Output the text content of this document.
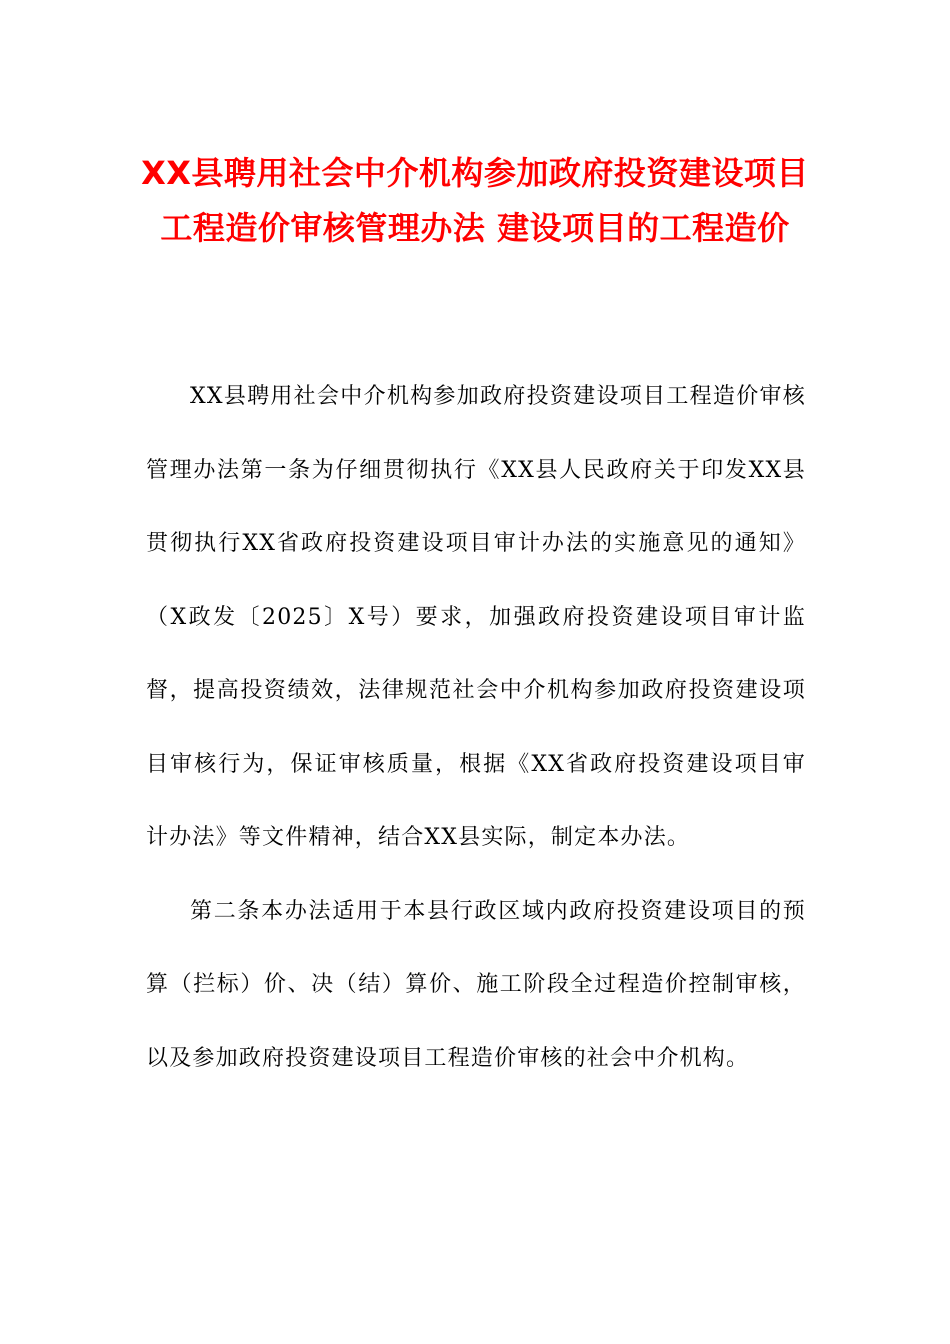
XX县聘用社会中介机构参加政府投资建设项目工程造价审核管理办法 建设项目的工程造价

XX县聘用社会中介机构参加政府投资建设项目工程造价审核管理办法第一条为仔细贯彻执行《XX县人民政府关于印发XX县贯彻执行XX省政府投资建设项目审计办法的实施意见的通知》（X政发〔2025〕X号）要求，加强政府投资建设项目审计监督，提高投资绩效，法律规范社会中介机构参加政府投资建设项目审核行为，保证审核质量，根据《XX省政府投资建设项目审计办法》等文件精神，结合XX县实际，制定本办法。

第二条本办法适用于本县行政区域内政府投资建设项目的预算（拦标）价、决（结）算价、施工阶段全过程造价控制审核，以及参加政府投资建设项目工程造价审核的社会中介机构。
